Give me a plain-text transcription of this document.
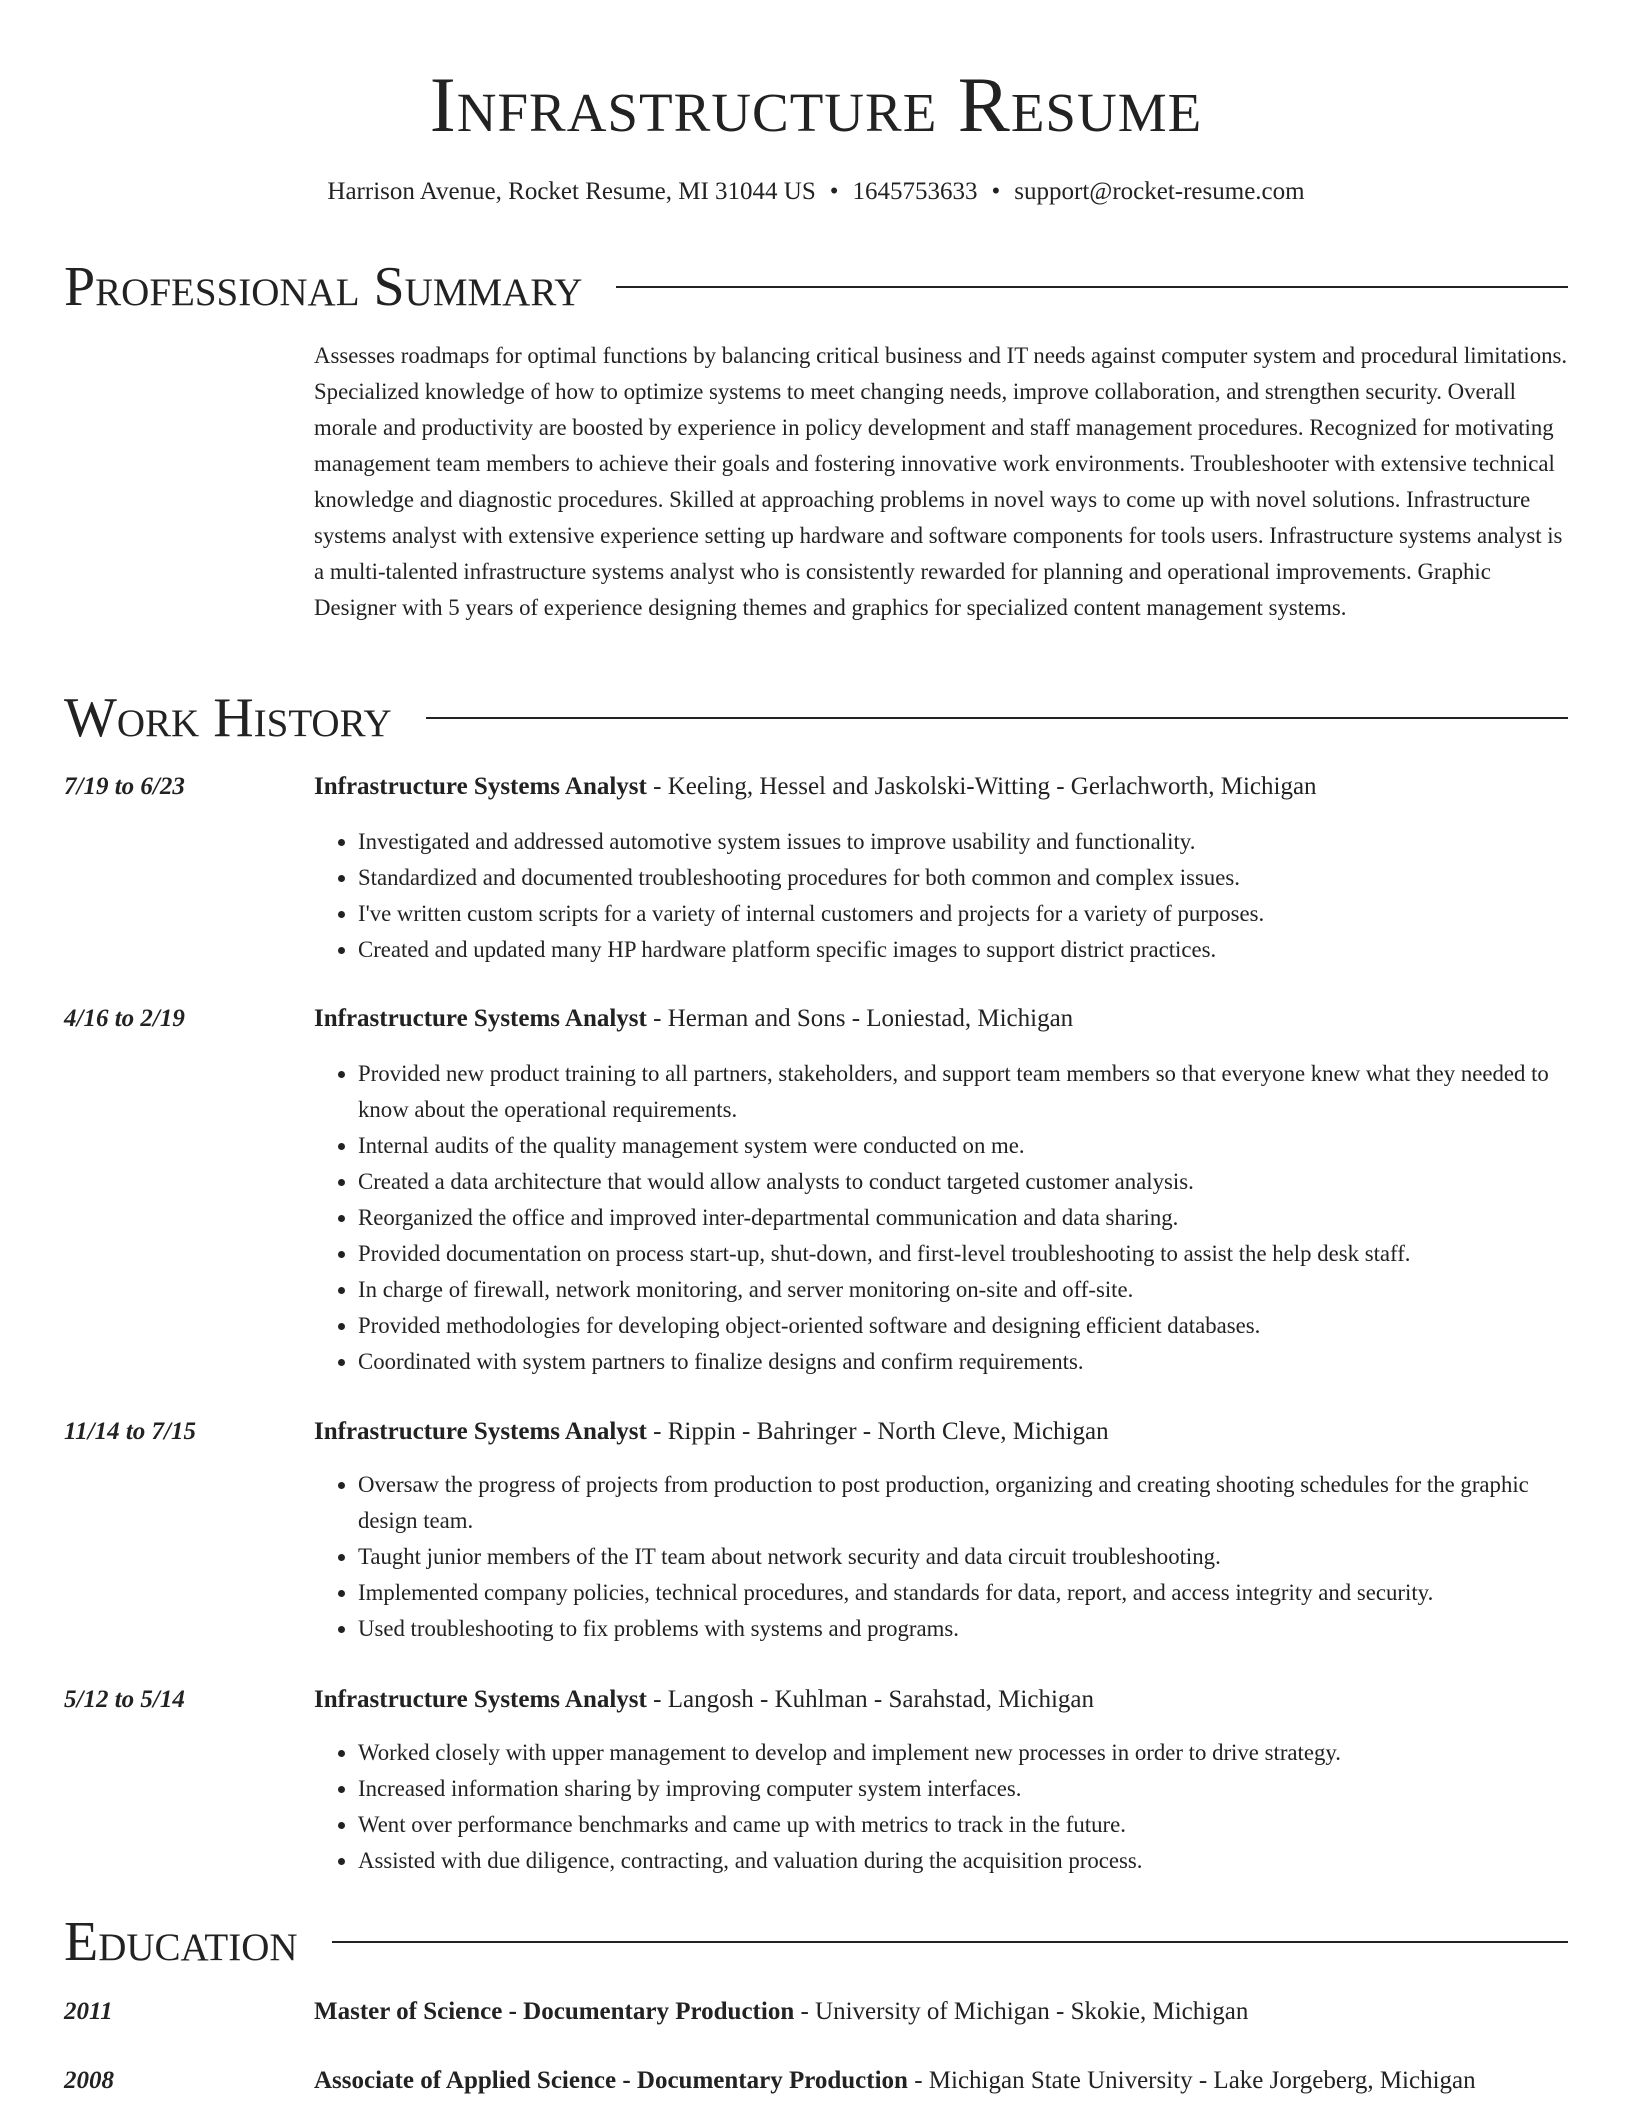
Infrastructure Resume
Harrison Avenue, Rocket Resume, MI 31044 US • 1645753633 • support@rocket-resume.com
Professional Summary

Assesses roadmaps for optimal functions by balancing critical business and IT needs against computer system and procedural limitations. Specialized knowledge of how to optimize systems to meet changing needs, improve collaboration, and strengthen security. Overall morale and productivity are boosted by experience in policy development and staff management procedures. Recognized for motivating management team members to achieve their goals and fostering innovative work environments. Troubleshooter with extensive technical knowledge and diagnostic procedures. Skilled at approaching problems in novel ways to come up with novel solutions. Infrastructure systems analyst with extensive experience setting up hardware and software components for tools users. Infrastructure systems analyst is a multi-talented infrastructure systems analyst who is consistently rewarded for planning and operational improvements. Graphic Designer with 5 years of experience designing themes and graphics for specialized content management systems.

Work History
7/19 to 6/23	Infrastructure Systems Analyst - Keeling, Hessel and Jaskolski-Witting - Gerlachworth, Michigan
• Investigated and addressed automotive system issues to improve usability and functionality.
• Standardized and documented troubleshooting procedures for both common and complex issues.
• I've written custom scripts for a variety of internal customers and projects for a variety of purposes.
• Created and updated many HP hardware platform specific images to support district practices.
4/16 to 2/19	Infrastructure Systems Analyst - Herman and Sons - Loniestad, Michigan
• Provided new product training to all partners, stakeholders, and support team members so that everyone knew what they needed to know about the operational requirements.
• Internal audits of the quality management system were conducted on me.
• Created a data architecture that would allow analysts to conduct targeted customer analysis.
• Reorganized the office and improved inter-departmental communication and data sharing.
• Provided documentation on process start-up, shut-down, and first-level troubleshooting to assist the help desk staff.
• In charge of firewall, network monitoring, and server monitoring on-site and off-site.
• Provided methodologies for developing object-oriented software and designing efficient databases.
• Coordinated with system partners to finalize designs and confirm requirements.
11/14 to 7/15	Infrastructure Systems Analyst - Rippin - Bahringer - North Cleve, Michigan
• Oversaw the progress of projects from production to post production, organizing and creating shooting schedules for the graphic design team.
• Taught junior members of the IT team about network security and data circuit troubleshooting.
• Implemented company policies, technical procedures, and standards for data, report, and access integrity and security.
• Used troubleshooting to fix problems with systems and programs.
5/12 to 5/14	Infrastructure Systems Analyst - Langosh - Kuhlman - Sarahstad, Michigan
• Worked closely with upper management to develop and implement new processes in order to drive strategy.
• Increased information sharing by improving computer system interfaces.
• Went over performance benchmarks and came up with metrics to track in the future.
• Assisted with due diligence, contracting, and valuation during the acquisition process.
Education
2011	Master of Science - Documentary Production - University of Michigan - Skokie, Michigan
2008	Associate of Applied Science - Documentary Production - Michigan State University - Lake Jorgeberg, Michigan
